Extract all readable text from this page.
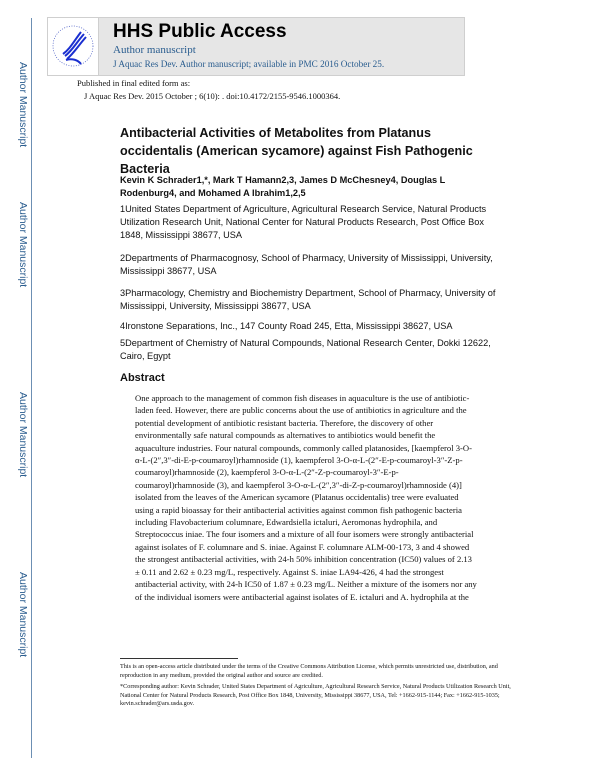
Author Manuscript
Author Manuscript
Author Manuscript
Author Manuscript
HHS Public Access
Author manuscript
J Aquac Res Dev. Author manuscript; available in PMC 2016 October 25.
Published in final edited form as:
J Aquac Res Dev. 2015 October ; 6(10): . doi:10.4172/2155-9546.1000364.
Antibacterial Activities of Metabolites from Platanus occidentalis (American sycamore) against Fish Pathogenic Bacteria
Kevin K Schrader1,*, Mark T Hamann2,3, James D McChesney4, Douglas L Rodenburg4, and Mohamed A Ibrahim1,2,5
1United States Department of Agriculture, Agricultural Research Service, Natural Products Utilization Research Unit, National Center for Natural Products Research, Post Office Box 1848, Mississippi 38677, USA
2Departments of Pharmacognosy, School of Pharmacy, University of Mississippi, University, Mississippi 38677, USA
3Pharmacology, Chemistry and Biochemistry Department, School of Pharmacy, University of Mississippi, University, Mississippi 38677, USA
4Ironstone Separations, Inc., 147 County Road 245, Etta, Mississippi 38627, USA
Abstract
One approach to the management of common fish diseases in aquaculture is the use of antibiotic-
laden feed. However, there are public concerns about the use of antibiotics in agriculture and the
potential development of antibiotic resistant bacteria. Therefore, the discovery of other
environmentally safe natural compounds as alternatives to antibiotics would benefit the
aquaculture industries. Four natural compounds, commonly called platanosides, [kaempferol 3-O-
α-L-(2″,3″-di-E-p-coumaroyl)rhamnoside (1), kaempferol 3-O-α-L-(2″-E-p-coumaroyl-3″-Z-p-
coumaroyl)rhamnoside (2), kaempferol 3-O-α-L-(2″-Z-p-coumaroyl-3″-E-p-
coumaroyl)rhamnoside (3), and kaempferol 3-O-α-L-(2″,3″-di-Z-p-coumaroyl)rhamnoside (4)]
isolated from the leaves of the American sycamore (Platanus occidentalis) tree were evaluated
using a rapid bioassay for their antibacterial activities against common fish pathogenic bacteria
including Flavobacterium columnare, Edwardsiella ictaluri, Aeromonas hydrophila, and
Streptococcus iniae. The four isomers and a mixture of all four isomers were strongly antibacterial
against isolates of F. columnare and S. iniae. Against F. columnare ALM-00-173, 3 and 4 showed
the strongest antibacterial activities, with 24-h 50% inhibition concentration (IC50) values of 2.13
± 0.11 and 2.62 ± 0.23 mg/L, respectively. Against S. iniae LA94-426, 4 had the strongest
antibacterial activity, with 24-h IC50 of 1.87 ± 0.23 mg/L. Neither a mixture of the isomers nor any
of the individual isomers were antibacterial against isolates of E. ictaluri and A. hydrophila at the
This is an open-access article distributed under the terms of the Creative Commons Attribution License, which permits unrestricted use, distribution, and reproduction in any medium, provided the original author and source are credited.
*Corresponding author: Kevin Schrader, United States Department of Agriculture, Agricultural Research Service, Natural Products Utilization Research Unit, National Center for Natural Products Research, Post Office Box 1848, University, Mississippi 38677, USA, Tel: +1662-915-1144; Fax: +1662-915-1035; kevin.schrader@ars.usda.gov.
5Department of Chemistry of Natural Compounds, National Research Center, Dokki 12622, Cairo, Egypt
